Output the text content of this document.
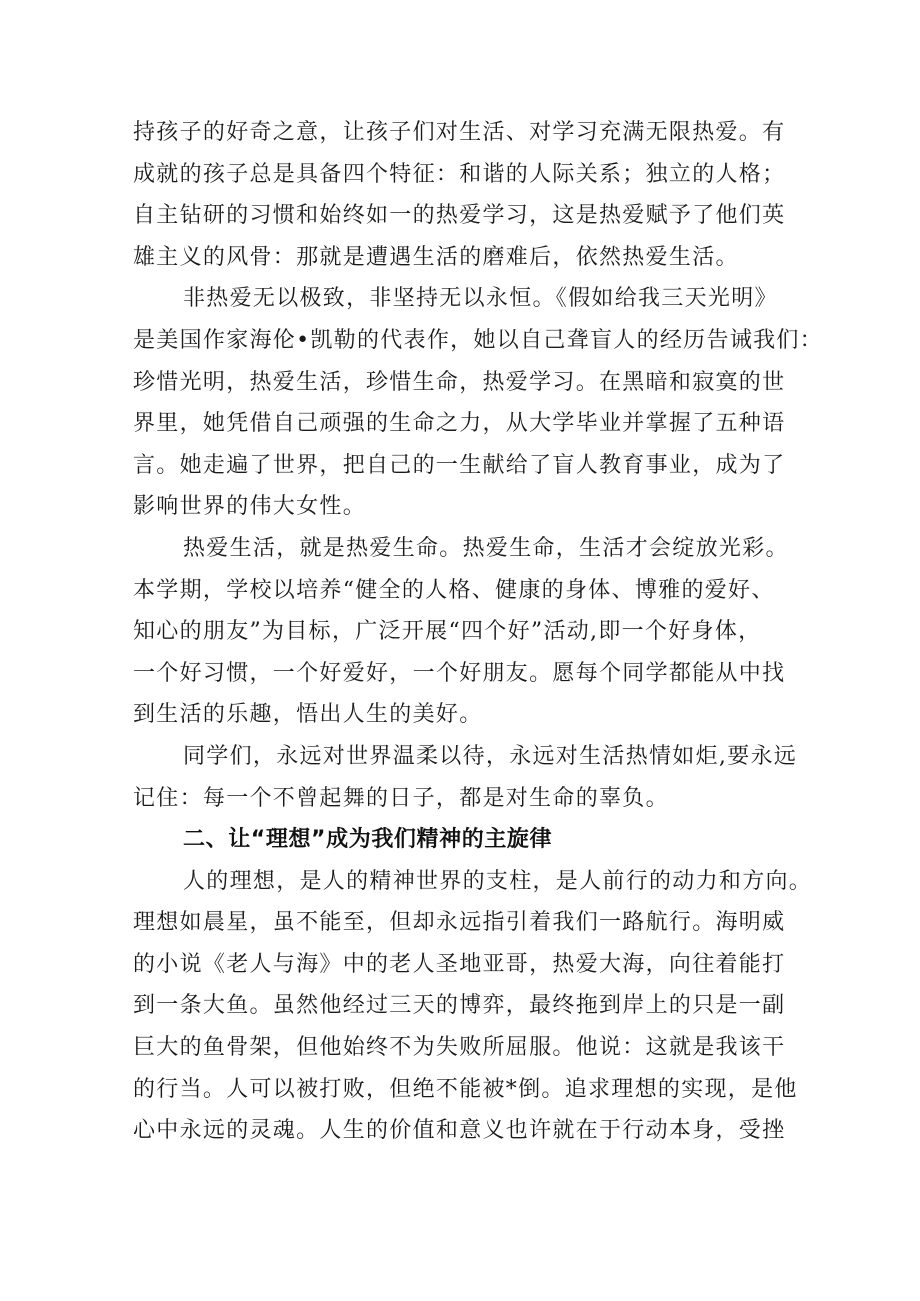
持孩子的好奇之意，让孩子们对生活、对学习充满无限热爱。有
成就的孩子总是具备四个特征：和谐的人际关系；独立的人格；
自主钻研的习惯和始终如一的热爱学习，这是热爱赋予了他们英
雄主义的风骨：那就是遭遇生活的磨难后，依然热爱生活。
非热爱无以极致，非坚持无以永恒。《假如给我三天光明》
是美国作家海伦•凯勒的代表作，她以自己聋盲人的经历告诫我们：
珍惜光明，热爱生活，珍惜生命，热爱学习。在黑暗和寂寞的世
界里，她凭借自己顽强的生命之力，从大学毕业并掌握了五种语
言。她走遍了世界，把自己的一生献给了盲人教育事业，成为了
影响世界的伟大女性。
热爱生活，就是热爱生命。热爱生命，生活才会绽放光彩。
本学期，学校以培养“健全的人格、健康的身体、博雅的爱好、
知心的朋友”为目标，广泛开展“四个好”活动,即一个好身体，
一个好习惯，一个好爱好，一个好朋友。愿每个同学都能从中找
到生活的乐趣，悟出人生的美好。
同学们，永远对世界温柔以待，永远对生活热情如炬,要永远
记住：每一个不曾起舞的日子，都是对生命的辜负。
二、让“理想”成为我们精神的主旋律
人的理想，是人的精神世界的支柱，是人前行的动力和方向。
理想如晨星，虽不能至，但却永远指引着我们一路航行。海明威
的小说《老人与海》中的老人圣地亚哥，热爱大海，向往着能打
到一条大鱼。虽然他经过三天的博弈，最终拖到岸上的只是一副
巨大的鱼骨架，但他始终不为失败所屈服。他说：这就是我该干
的行当。人可以被打败，但绝不能被*倒。追求理想的实现，是他
心中永远的灵魂。人生的价值和意义也许就在于行动本身，受挫
